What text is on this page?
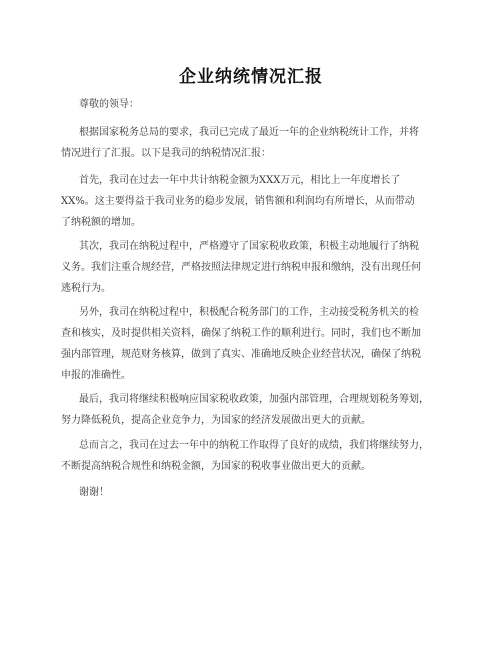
企业纳统情况汇报
尊敬的领导：
根据国家税务总局的要求，我司已完成了最近一年的企业纳税统计工作，并将
情况进行了汇报。以下是我司的纳税情况汇报：
首先，我司在过去一年中共计纳税金额为XXX万元，相比上一年度增长了
XX%。这主要得益于我司业务的稳步发展，销售额和利润均有所增长，从而带动
了纳税额的增加。
其次，我司在纳税过程中，严格遵守了国家税收政策，积极主动地履行了纳税
义务。我们注重合规经营，严格按照法律规定进行纳税申报和缴纳，没有出现任何
逃税行为。
另外，我司在纳税过程中，积极配合税务部门的工作，主动接受税务机关的检
查和核实，及时提供相关资料，确保了纳税工作的顺利进行。同时，我们也不断加
强内部管理，规范财务核算，做到了真实、准确地反映企业经营状况，确保了纳税
申报的准确性。
最后，我司将继续积极响应国家税收政策，加强内部管理，合理规划税务筹划，
努力降低税负，提高企业竞争力，为国家的经济发展做出更大的贡献。
总而言之，我司在过去一年中的纳税工作取得了良好的成绩，我们将继续努力，
不断提高纳税合规性和纳税金额，为国家的税收事业做出更大的贡献。
谢谢！
